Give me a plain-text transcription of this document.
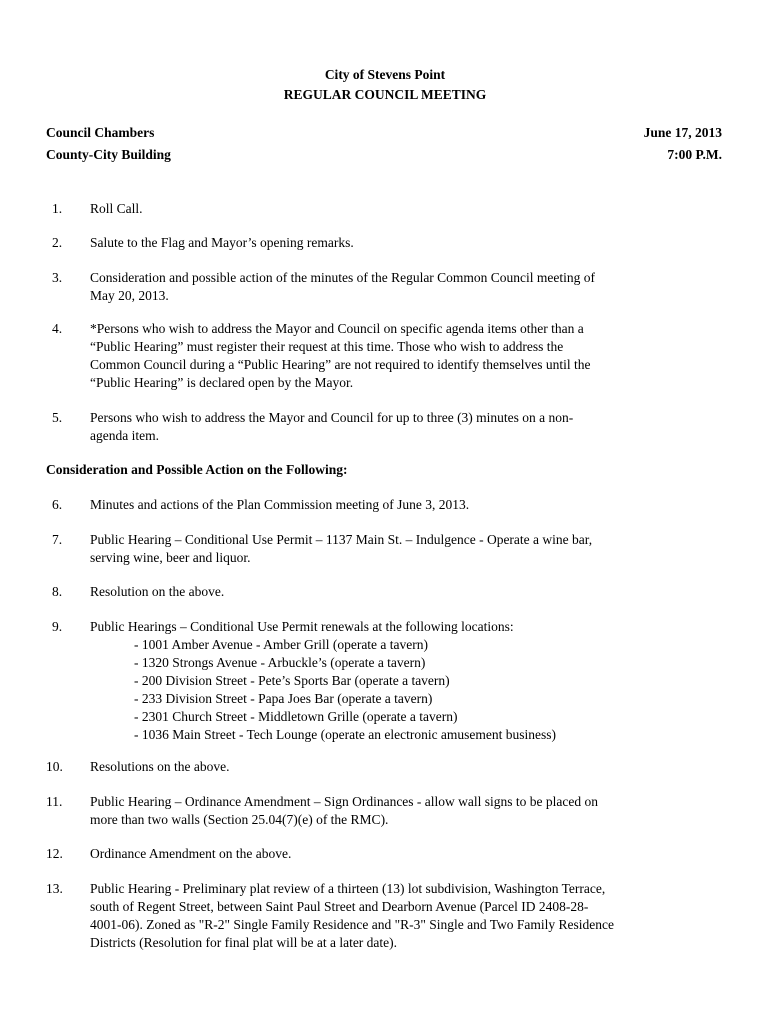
City of Stevens Point
REGULAR COUNCIL MEETING
Council Chambers
County-City Building
June 17, 2013
7:00 P.M.
1.	Roll Call.

2.	Salute to the Flag and Mayor’s opening remarks.

3.	Consideration and possible action of the minutes of the Regular Common Council meeting of

May 20, 2013.

4.	*Persons who wish to address the Mayor and Council on specific agenda items other than a

“Public Hearing” must register their request at this time. Those who wish to address the

Common Council during a “Public Hearing” are not required to identify themselves until the

“Public Hearing” is declared open by the Mayor.

5.	Persons who wish to address the Mayor and Council for up to three (3) minutes on a non-

agenda item.

Consideration and Possible Action on the Following:
6.	Minutes and actions of the Plan Commission meeting of June 3, 2013.

7.	Public Hearing – Conditional Use Permit – 1137 Main St. – Indulgence - Operate a wine bar,

serving wine, beer and liquor.

8.	Resolution on the above.

9.	Public Hearings – Conditional Use Permit renewals at the following locations:

- 1001 Amber Avenue - Amber Grill (operate a tavern)

- 1320 Strongs Avenue - Arbuckle’s (operate a tavern)

- 200 Division Street - Pete’s Sports Bar (operate a tavern)

- 233 Division Street - Papa Joes Bar (operate a tavern)

- 2301 Church Street - Middletown Grille (operate a tavern)

- 1036 Main Street - Tech Lounge (operate an electronic amusement business)

10.	Resolutions on the above.

11.	Public Hearing – Ordinance Amendment – Sign Ordinances - allow wall signs to be placed on

more than two walls (Section 25.04(7)(e) of the RMC).

12.	Ordinance Amendment on the above.

13.	Public Hearing - Preliminary plat review of a thirteen (13) lot subdivision, Washington Terrace,

south of Regent Street, between Saint Paul Street and Dearborn Avenue (Parcel ID 2408-28-

4001-06). Zoned as "R-2" Single Family Residence and "R-3" Single and Two Family Residence

Districts (Resolution for final plat will be at a later date).
